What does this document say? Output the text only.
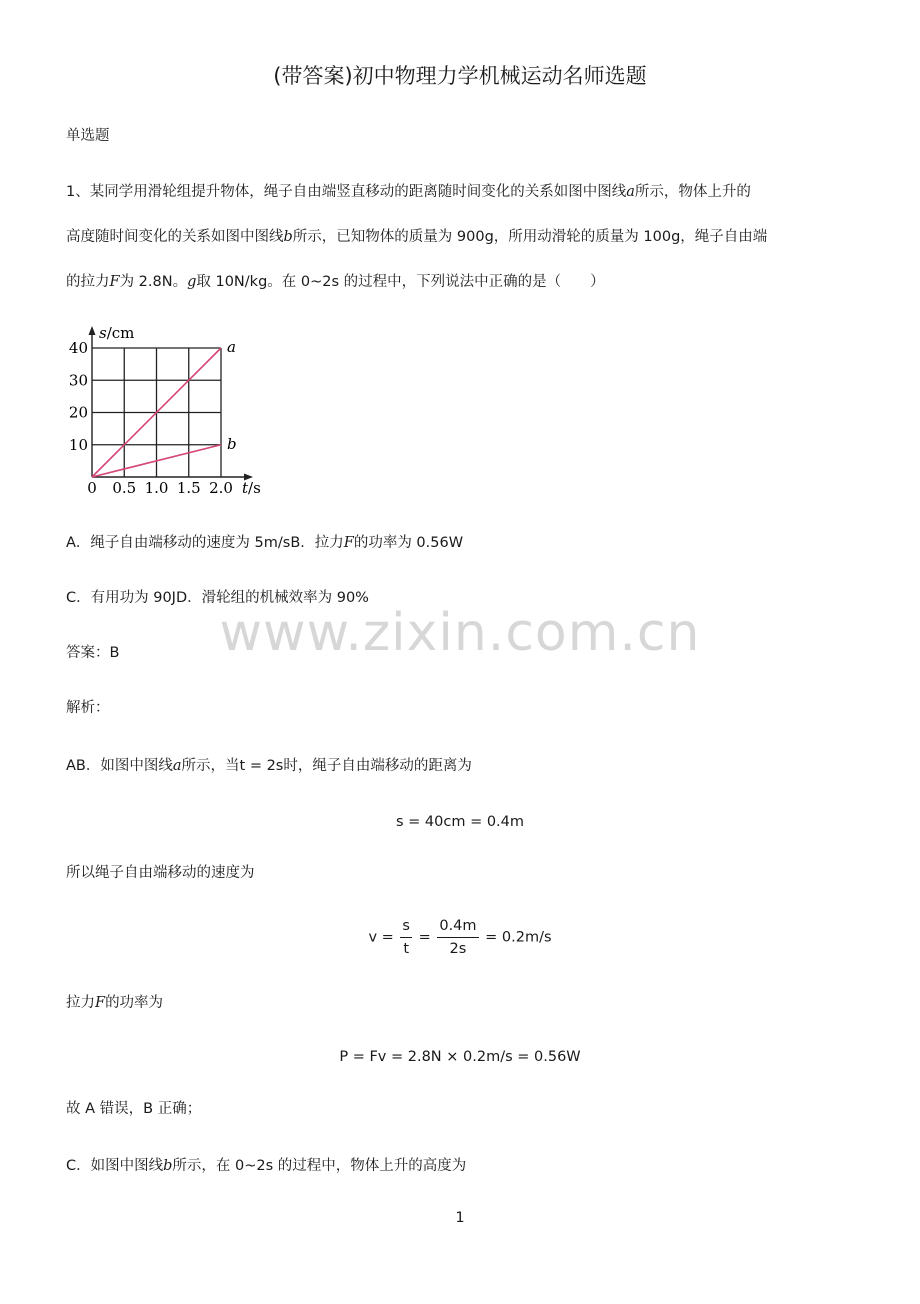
(带答案)初中物理力学机械运动名师选题
单选题
1、某同学用滑轮组提升物体，绳子自由端竖直移动的距离随时间变化的关系如图中图线a所示，物体上升的
高度随时间变化的关系如图中图线b所示，已知物体的质量为 900g，所用动滑轮的质量为 100g，绳子自由端
的拉力F为 2.8N。g取 10N/kg。在 0~2s 的过程中，下列说法中正确的是（　　）
s/cm
t/s
0 0.5 1.0 1.5 2.0
10
20
30
40	a
b
A．绳子自由端移动的速度为 5m/sB．拉力F的功率为 0.56W
C．有用功为 90JD．滑轮组的机械效率为 90%
www.zixin.com.cn
答案：B
解析：
AB．如图中图线a所示，当t = 2s时，绳子自由端移动的距离为
s = 40cm = 0.4m
所以绳子自由端移动的速度为
$v = \frac{s}{t} = \frac{0.4m}{2s} = 0.2m/s$
拉力F的功率为
P = Fv = 2.8N × 0.2m/s = 0.56W
故 A 错误，B 正确；
C．如图中图线b所示，在 0~2s 的过程中，物体上升的高度为
1
